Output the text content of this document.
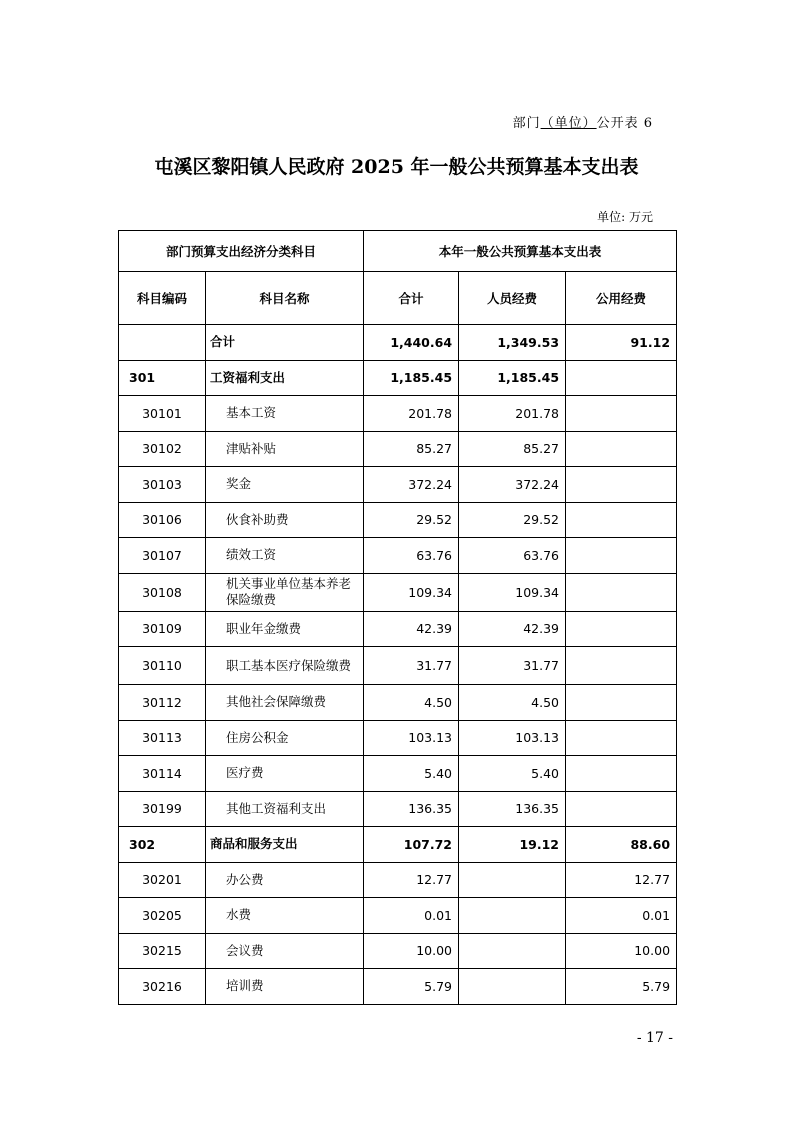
部门（单位）公开表 6
屯溪区黎阳镇人民政府 2025 年一般公共预算基本支出表
单位: 万元
部门预算支出经济分类科目		本年一般公共预算基本支出表		
科目编码	科目名称	合计	人员经费	公用经费
	合计	1,440.64	1,349.53	91.12
301	工资福利支出	1,185.45	1,185.45	
30101	基本工资	201.78	201.78	
30102	津贴补贴	85.27	85.27	
30103	奖金	372.24	372.24	
30106	伙食补助费	29.52	29.52	
30107	绩效工资	63.76	63.76	
30108	机关事业单位基本养老保险缴费	109.34	109.34	
30109	职业年金缴费	42.39	42.39	
30110	职工基本医疗保险缴费	31.77	31.77	
30112	其他社会保障缴费	4.50	4.50	
30113	住房公积金	103.13	103.13	
30114	医疗费	5.40	5.40	
30199	其他工资福利支出	136.35	136.35	
302	商品和服务支出	107.72	19.12	88.60
30201	办公费	12.77		12.77
30205	水费	0.01		0.01
30215	会议费	10.00		10.00
30216	培训费	5.79		5.79
- 17 -
